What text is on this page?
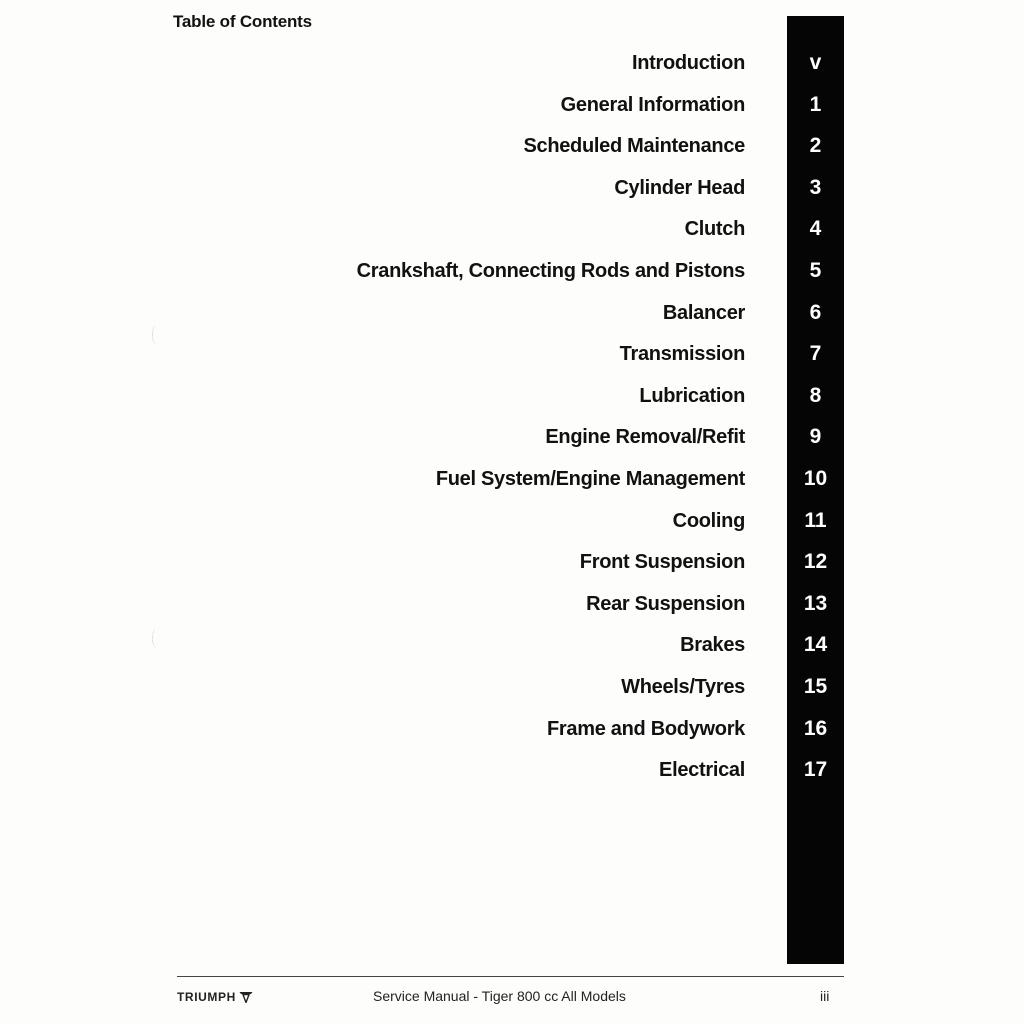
Table of Contents
Introduction	v
General Information	1
Scheduled Maintenance	2
Cylinder Head	3
Clutch	4
Crankshaft, Connecting Rods and Pistons	5
Balancer	6
Transmission	7
Lubrication	8
Engine Removal/Refit	9
Fuel System/Engine Management	10
Cooling	11
Front Suspension	12
Rear Suspension	13
Brakes	14
Wheels/Tyres	15
Frame and Bodywork	16
Electrical	17
TRIUMPH	Service Manual - Tiger 800 cc All Models	iii
